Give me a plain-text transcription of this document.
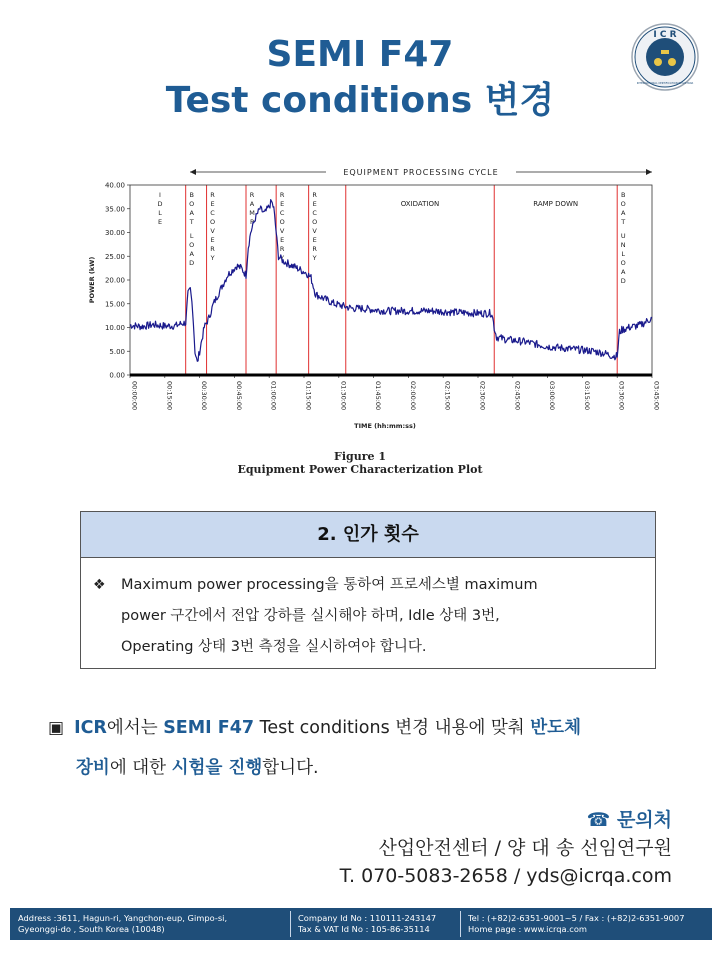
SEMI F47
Test conditions 변경
I C R
INTERNATIONAL CERTIFICATION REGISTRAR
I D L E
B O A T L O A D
R E C O V E R Y
R A M P
R E C O V E R Y
R E C O V E R Y
OXIDATION	RAMP DOWN
B O A T U N L O A D
0.00
5.00
10.00
15.00
20.00
25.00
30.00
35.00
40.00
00:00:00	00:15:00	00:30:00	00:45:00	01:00:00	01:15:00	01:30:00	01:45:00	02:00:00	02:15:00	02:30:00	02:45:00	03:00:00	03:15:00	03:30:00	03:45:00
EQUIPMENT PROCESSING CYCLE
TIME (hh:mm:ss)
POWER (kW)
Figure 1
Equipment Power Characterization Plot
2. 인가 횟수
❖ Maximum power processing을 통하여 프로세스별 maximum
power 구간에서 전압 강하를 실시해야 하며, Idle 상태 3번,
Operating 상태 3번 측정을 실시하여야 합니다.
▣ ICR에서는 SEMI F47 Test conditions 변경 내용에 맞춰 반도체
장비에 대한 시험을 진행합니다.
☎ 문의처
산업안전센터 / 양 대 송 선임연구원
T. 070-5083-2658 / yds@icrqa.com
Address :3611, Hagun-ri, Yangchon-eup, Gimpo-si,
Gyeonggi-do , South Korea (10048)
Company Id No : 110111-243147
Tax & VAT Id No : 105-86-35114
Tel : (+82)2-6351-9001~5 / Fax : (+82)2-6351-9007
Home page : www.icrqa.com
